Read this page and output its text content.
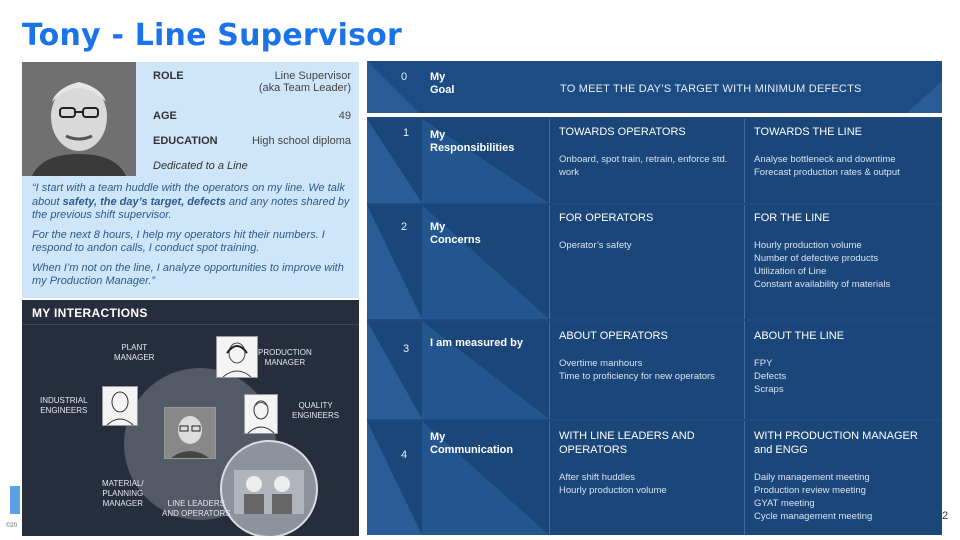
Tony - Line Supervisor
ROLE	Line Supervisor
(aka Team Leader)
AGE	49
EDUCATION	High school diploma
Dedicated to a Line

“I start with a team huddle with the operators on my line. We talk about safety, the day’s target, defects and any notes shared by the previous shift supervisor.

For the next 8 hours, I help my operators hit their numbers. I respond to andon calls, I conduct spot training.

When I’m not on the line, I analyze opportunities to improve with my Production Manager.”

MY INTERACTIONS
PLANT
MANAGER
PRODUCTION
MANAGER
INDUSTRIAL
ENGINEERS
QUALITY
ENGINEERS
MATERIAL/
PLANNING
MANAGER	LINE LEADERS
AND OPERATORS
0 My
Goal	TO MEET THE DAY’S TARGET WITH MINIMUM DEFECTS
1 My
Responsibilities
TOWARDS OPERATORS
Onboard, spot train, retrain, enforce std. work
TOWARDS THE LINE
Analyse bottleneck and downtime
Forecast production rates & output
2 My
Concerns
FOR OPERATORS
Operator’s safety
FOR THE LINE
Hourly production volume
Number of defective products
Utilization of Line
Constant availability of materials
3 I am measured by
ABOUT OPERATORS
Overtime manhours
Time to proficiency for new operators
ABOUT THE LINE
FPY
Defects
Scraps
4
My
Communication
WITH LINE LEADERS AND
OPERATORS
After shift huddles
Hourly production volume
WITH PRODUCTION MANAGER
and ENGG
Daily management meeting
Production review meeting
GYAT meeting
Cycle management meeting
©20
2
